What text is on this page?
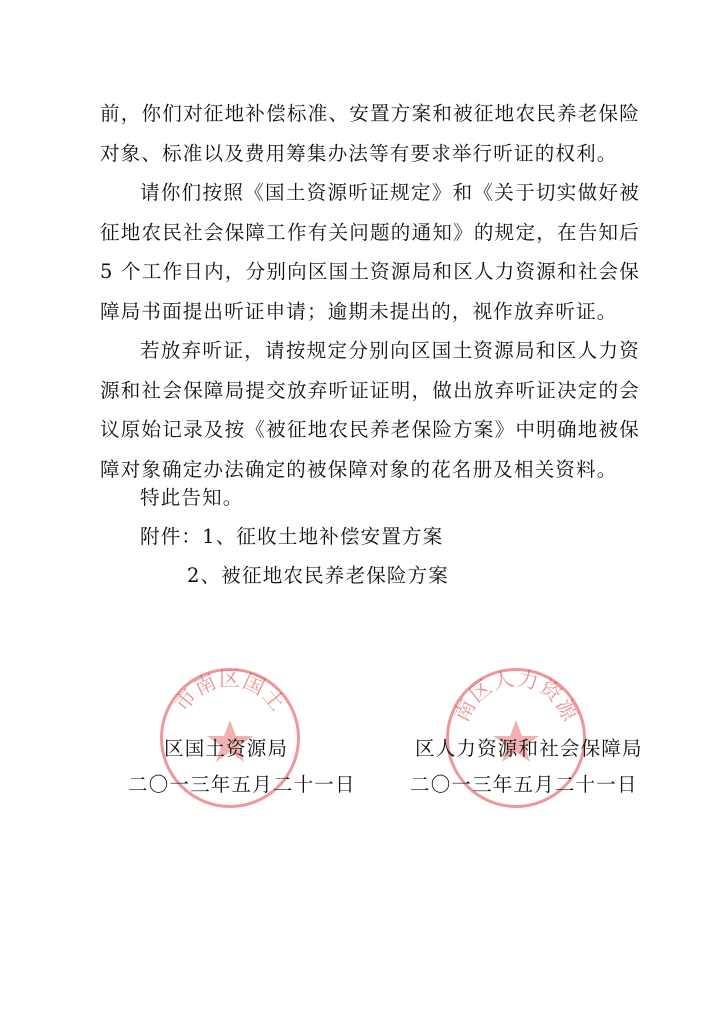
前，你们对征地补偿标准、安置方案和被征地农民养老保险对象、标准以及费用筹集办法等有要求举行听证的权利。

请你们按照《国土资源听证规定》和《关于切实做好被征地农民社会保障工作有关问题的通知》的规定，在告知后 5 个工作日内，分别向区国土资源局和区人力资源和社会保障局书面提出听证申请；逾期未提出的，视作放弃听证。

若放弃听证，请按规定分别向区国土资源局和区人力资源和社会保障局提交放弃听证证明，做出放弃听证决定的会议原始记录及按《被征地农民养老保险方案》中明确地被保障对象确定办法确定的被保障对象的花名册及相关资料。

特此告知。

附件：1、征收土地补偿安置方案

2、被征地农民养老保险方案

市南区国土	南区人力资源

区国土资源局

二〇一三年五月二十一日

区人力资源和社会保障局

二〇一三年五月二十一日
